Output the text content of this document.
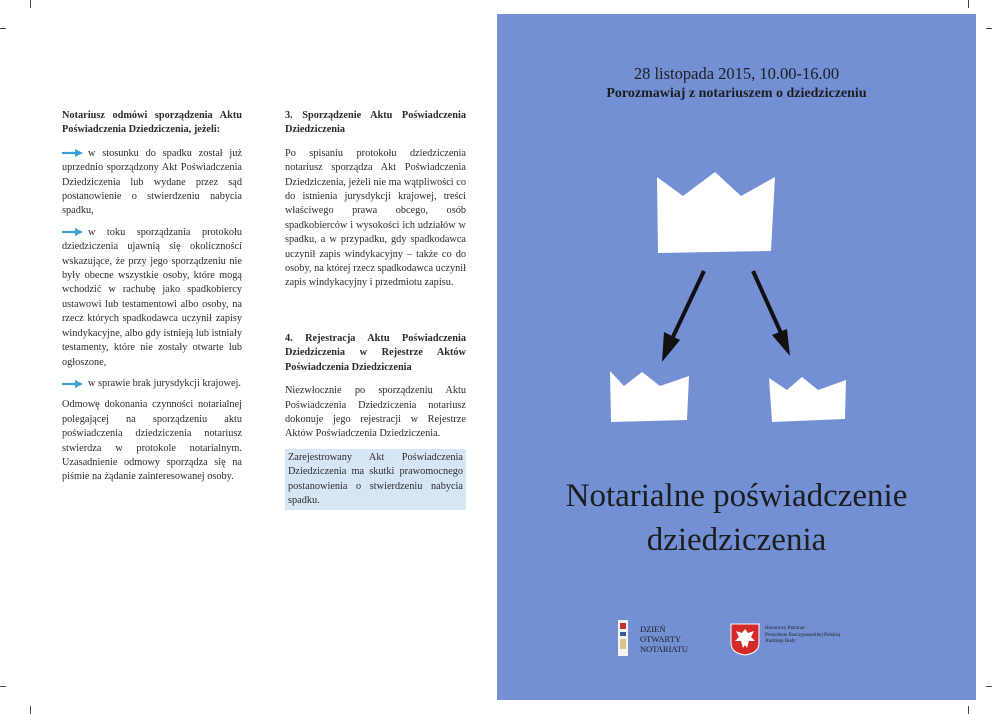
Notariusz odmówi sporządzenia Aktu Poświadczenia Dziedziczenia, jeżeli:
w stosunku do spadku został już uprzednio sporządzony Akt Poświadczenia Dziedziczenia lub wydane przez sąd postanowienie o stwierdzeniu nabycia spadku,
w toku sporządzania protokołu dziedziczenia ujawnią się okoliczności wskazujące, że przy jego sporządzeniu nie były obecne wszystkie osoby, które mogą wchodzić w rachubę jako spadkobiercy ustawowi lub testamentowi albo osoby, na rzecz których spadkodawca uczynił zapisy windykacyjne, albo gdy istnieją lub istniały testamenty, które nie zostały otwarte lub ogłoszone,
w sprawie brak jurysdykcji krajowej.

Odmowę dokonania czynności notarialnej polegającej na sporządzeniu aktu poświadczenia dziedziczenia notariusz stwierdza w protokole notarialnym. Uzasadnienie odmowy sporządza się na piśmie na żądanie zainteresowanej osoby.

3. Sporządzenie Aktu Poświadczenia Dziedziczenia

Po spisaniu protokołu dziedziczenia notariusz sporządza Akt Poświadczenia Dziedziczenia, jeżeli nie ma wątpliwości co do istnienia jurysdykcji krajowej, treści właściwego prawa obcego, osób spadkobierców i wysokości ich udziałów w spadku, a w przypadku, gdy spadkodawca uczynił zapis windykacyjny – także co do osoby, na której rzecz spadkodawca uczynił zapis windykacyjny i przedmiotu zapisu.

4. Rejestracja Aktu Poświadczenia Dziedziczenia w Rejestrze Aktów Poświadczenia Dziedziczenia

Niezwłocznie po sporządzeniu Aktu Poświadczenia Dziedziczenia notariusz dokonuje jego rejestracji w Rejestrze Aktów Poświadczenia Dziedziczenia.

Zarejestrowany Akt Poświadczenia Dziedziczenia ma skutki prawomocnego postanowienia o stwierdzeniu nabycia spadku.

28 listopada 2015, 10.00-16.00
Porozmawiaj z notariuszem o dziedziczeniu
Notarialne poświadczenie
dziedziczenia
DZIEŃ
OTWARTY
NOTARIATU
Honorowy Patronat
Prezydenta Rzeczypospolitej Polskiej
Andrzeja Dudy
